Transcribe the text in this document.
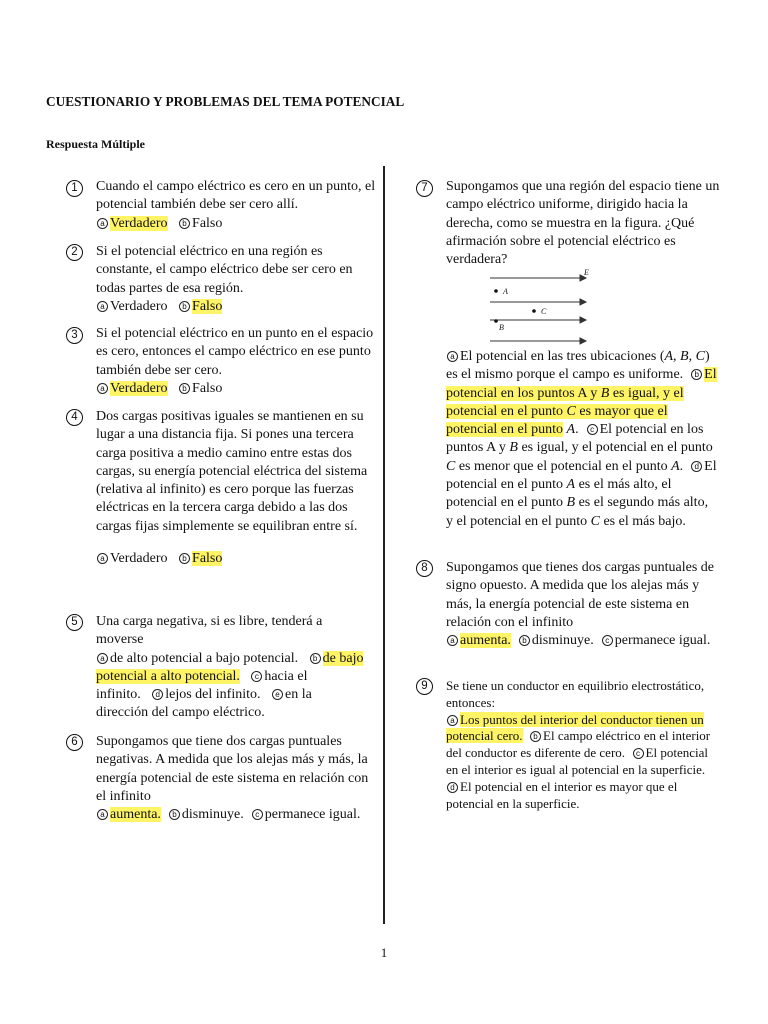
CUESTIONARIO Y PROBLEMAS DEL TEMA POTENCIAL
Respuesta Múltiple
1	Cuando el campo eléctrico es cero en un punto, el potencial también debe ser cero allí.
a Verdadero b Falso
2	Si el potencial eléctrico en una región es constante, el campo eléctrico debe ser cero en todas partes de esa región.
a Verdadero b Falso
3	Si el potencial eléctrico en un punto en el espacio es cero, entonces el campo eléctrico en ese punto también debe ser cero.
a Verdadero b Falso
4	Dos cargas positivas iguales se mantienen en su lugar a una distancia fija. Si pones una tercera carga positiva a medio camino entre estas dos cargas, su energía potencial eléctrica del sistema (relativa al infinito) es cero porque las fuerzas eléctricas en la tercera carga debido a las dos cargas fijas simplemente se equilibran entre sí.

a Verdadero b Falso
5	Una carga negativa, si es libre, tenderá a moverse
a de alto potencial a bajo potencial. b de bajo potencial a alto potencial. c hacia el infinito. d lejos del infinito. e en la dirección del campo eléctrico.
6	Supongamos que tiene dos cargas puntuales negativas. A medida que los alejas más y más, la energía potencial de este sistema en relación con el infinito
a aumenta. b disminuye. c permanece igual.
7	Supongamos que una región del espacio tiene un campo eléctrico uniforme, dirigido hacia la derecha, como se muestra en la figura. ¿Qué afirmación sobre el potencial eléctrico es verdadera?
E
A
C
B
a El potencial en las tres ubicaciones (A, B, C) es el mismo porque el campo es uniforme. b El potencial en los puntos A y B es igual, y el potencial en el punto C es mayor que el potencial en el punto A. c El potencial en los puntos A y B es igual, y el potencial en el punto C es menor que el potencial en el punto A. d El potencial en el punto A es el más alto, el potencial en el punto B es el segundo más alto, y el potencial en el punto C es el más bajo.
8	Supongamos que tienes dos cargas puntuales de signo opuesto. A medida que los alejas más y más, la energía potencial de este sistema en relación con el infinito
a aumenta. b disminuye. c permanece igual.
9	Se tiene un conductor en equilibrio electrostático, entonces:
a Los puntos del interior del conductor tienen un potencial cero. b El campo eléctrico en el interior del conductor es diferente de cero. c El potencial en el interior es igual al potencial en la superficie.  d El potencial en el interior es mayor que el potencial en la superficie.
1
